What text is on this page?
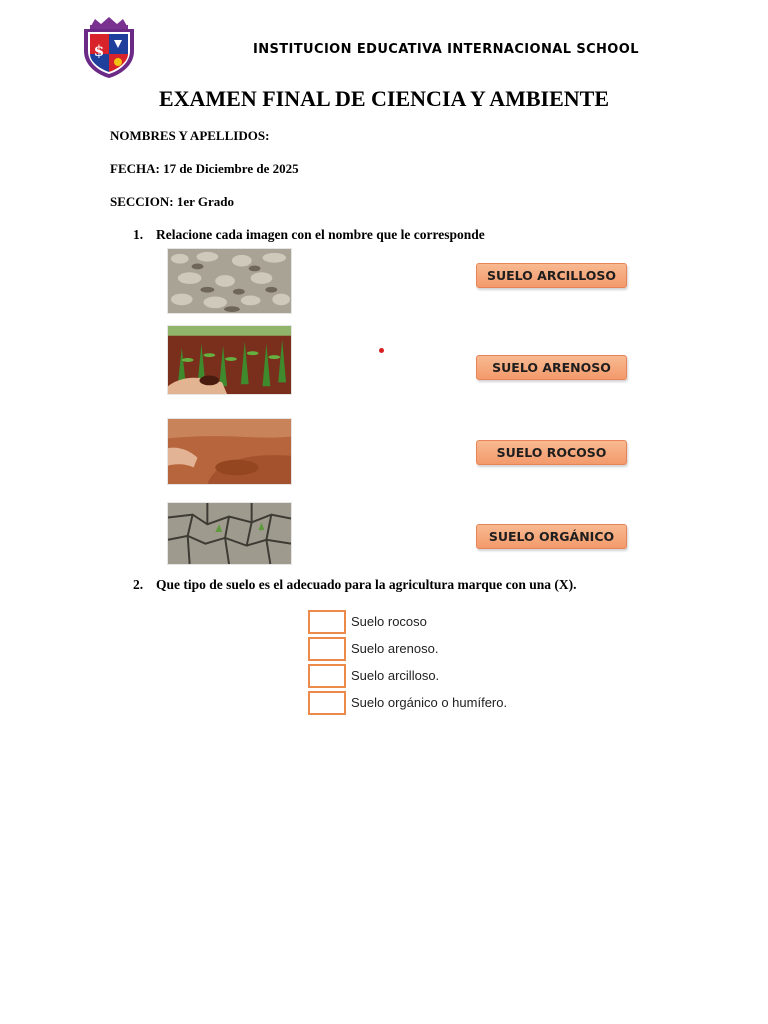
$	INSTITUCION EDUCATIVA INTERNACIONAL SCHOOL
EXAMEN FINAL DE CIENCIA Y AMBIENTE
NOMBRES Y APELLIDOS:
FECHA: 17 de Diciembre de 2025
SECCION: 1er Grado
1. Relacione cada imagen con el nombre que le corresponde
SUELO ARCILLOSO
SUELO ARENOSO
SUELO ROCOSO
SUELO ORGÁNICO
2. Que tipo de suelo es el adecuado para la agricultura marque con una (X).
Suelo rocoso
Suelo arenoso.
Suelo arcilloso.
Suelo orgánico o humífero.
